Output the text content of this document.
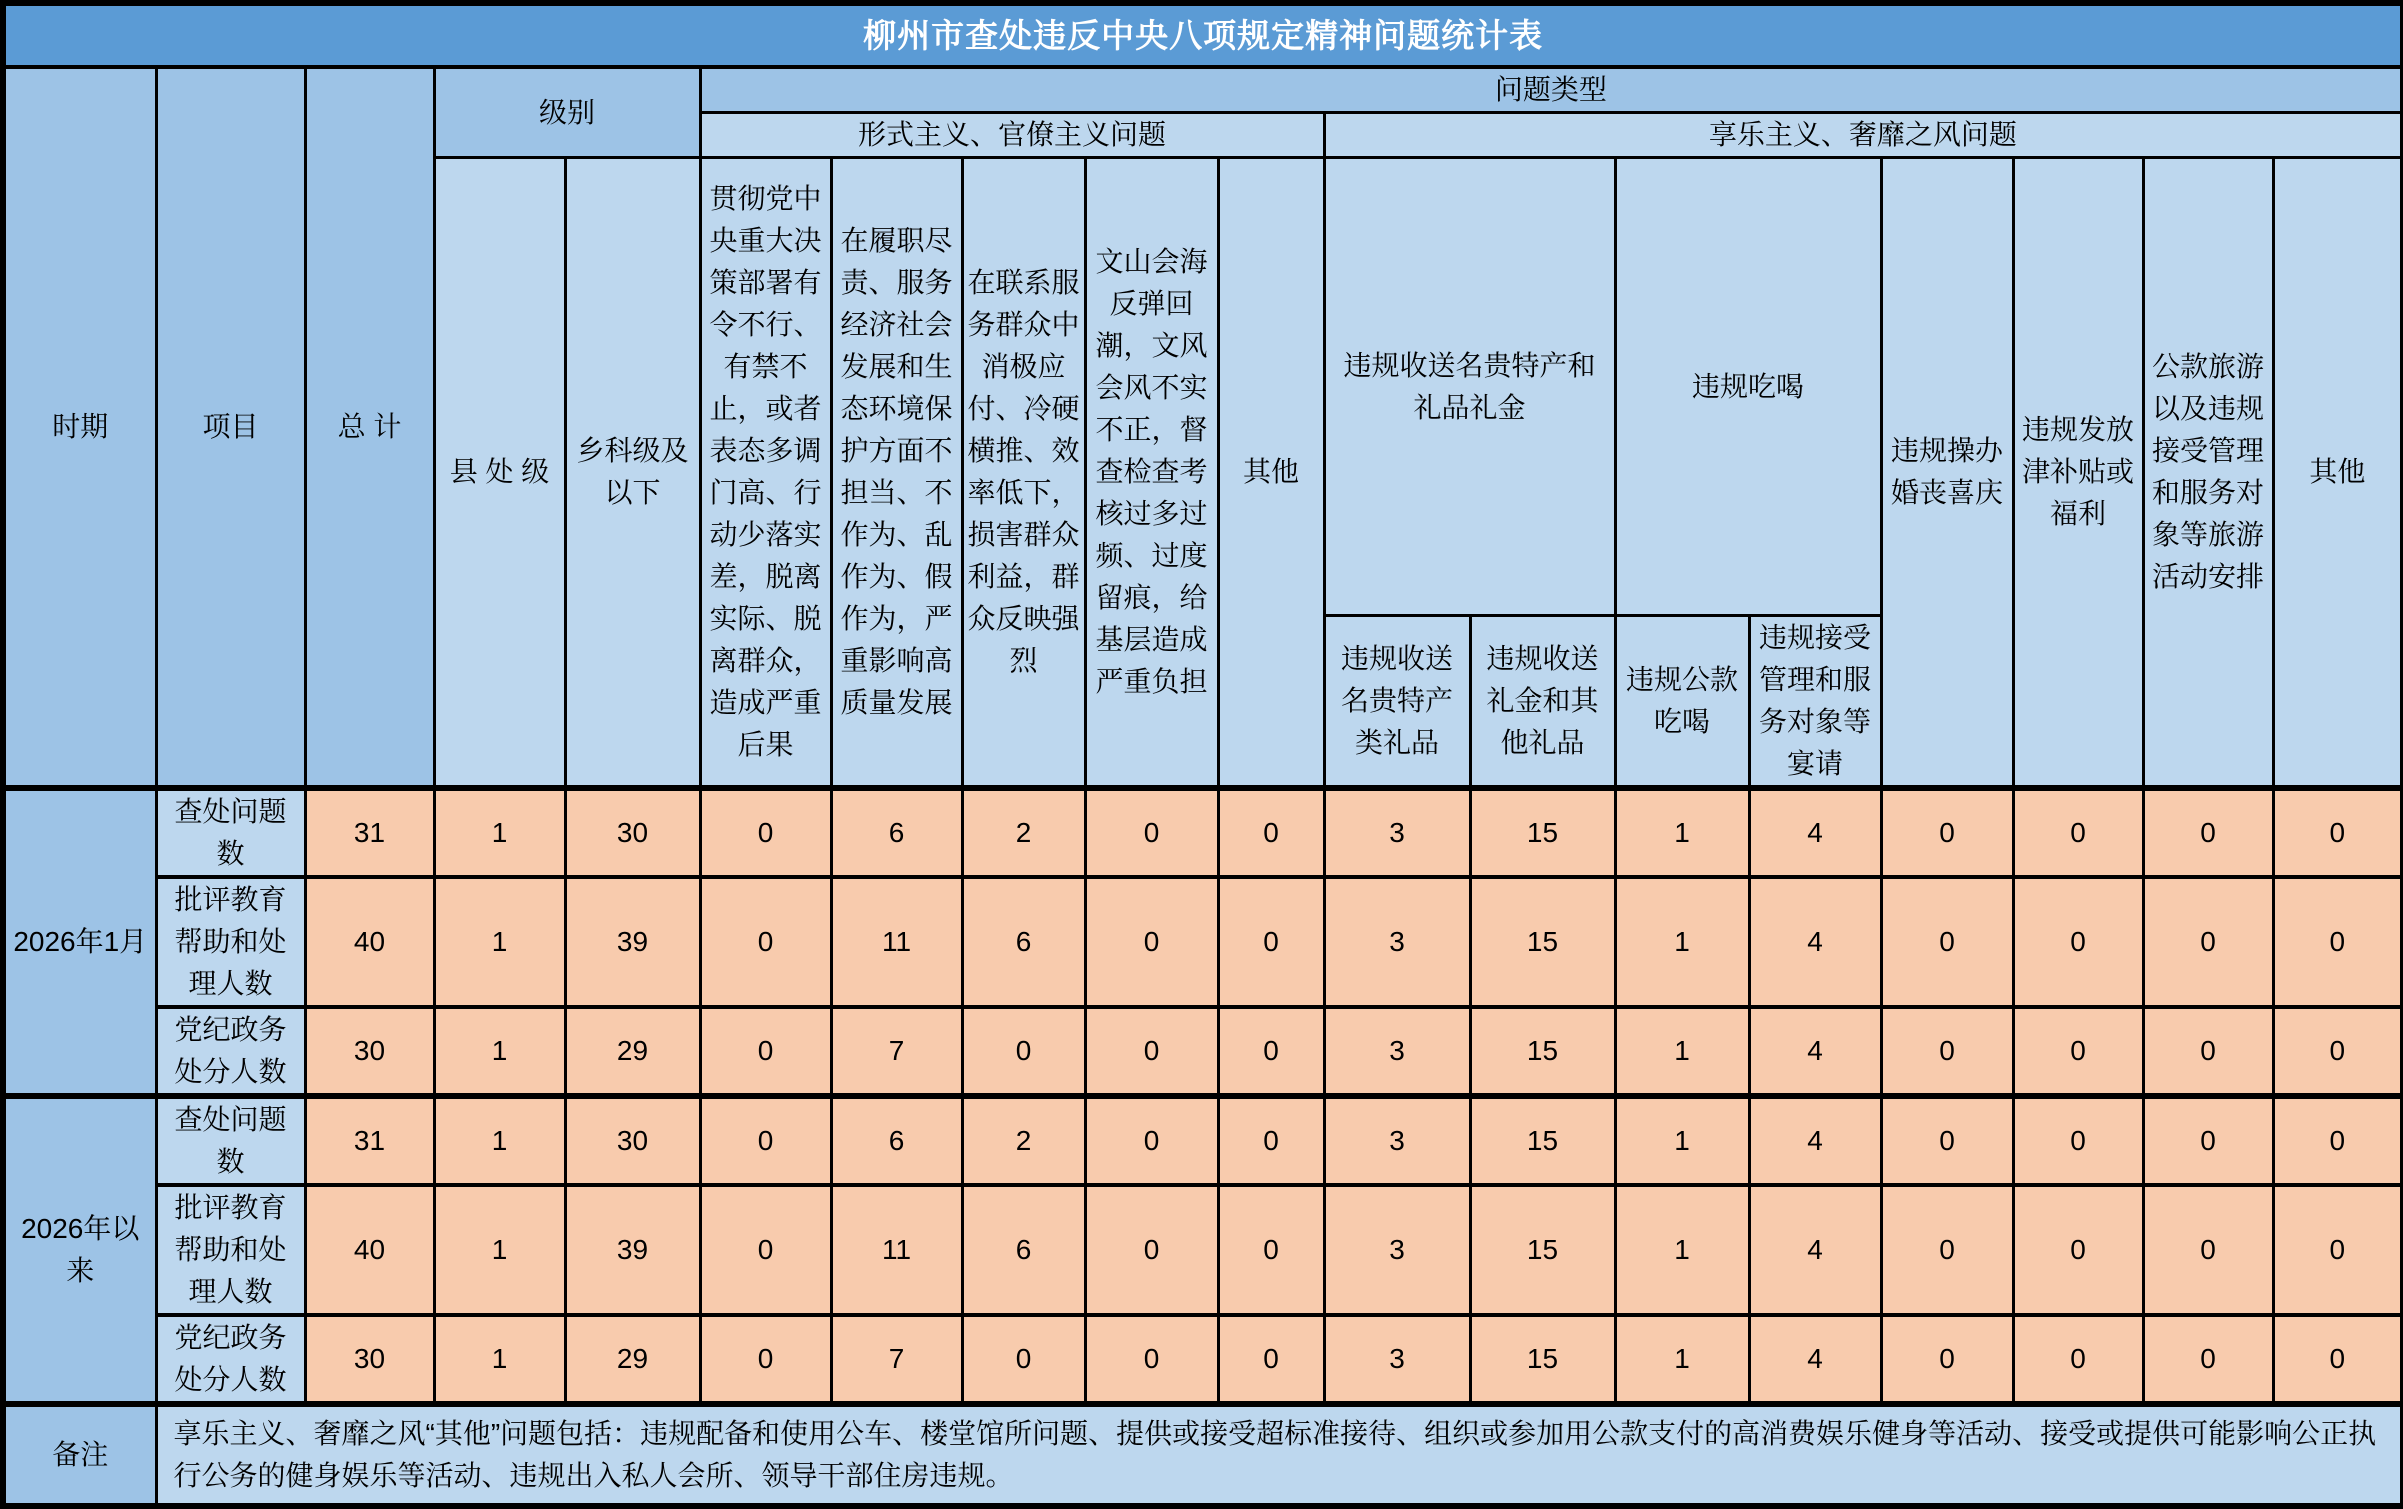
柳州市查处违反中央八项规定精神问题统计表																	
时期	项目	总 计	级别		问题类型												
					形式主义、官僚主义问题					享乐主义、奢靡之风问题							
			县 处 级	乡科级及以下	贯彻党中央重大决策部署有令不行、有禁不止，或者表态多调门高、行动少落实差，脱离实际、脱离群众，造成严重后果	在履职尽责、服务经济社会发展和生态环境保护方面不担当、不作为、乱作为、假作为，严重影响高质量发展	在联系服务群众中消极应付、冷硬横推、效率低下，损害群众利益，群众反映强烈	文山会海反弹回潮，文风会风不实不正，督查检查考核过多过频、过度留痕，给基层造成严重负担	其他	违规收送名贵特产和礼品礼金		违规吃喝		违规操办婚丧喜庆	违规发放津补贴或福利	公款旅游以及违规接受管理和服务对象等旅游活动安排	其他
										违规收送名贵特产类礼品	违规收送礼金和其他礼品	违规公款吃喝	违规接受管理和服务对象等宴请				
2026年1月	查处问题数	31	1	30	0	6	2	0	0	3	15	1	4	0	0	0	0
	批评教育帮助和处理人数	40	1	39	0	11	6	0	0	3	15	1	4	0	0	0	0
	党纪政务处分人数	30	1	29	0	7	0	0	0	3	15	1	4	0	0	0	0
2026年以来	查处问题数	31	1	30	0	6	2	0	0	3	15	1	4	0	0	0	0
	批评教育帮助和处理人数	40	1	39	0	11	6	0	0	3	15	1	4	0	0	0	0
	党纪政务处分人数	30	1	29	0	7	0	0	0	3	15	1	4	0	0	0	0
备注	享乐主义、奢靡之风“其他”问题包括：违规配备和使用公车、楼堂馆所问题、提供或接受超标准接待、组织或参加用公款支付的高消费娱乐健身等活动、接受或提供可能影响公正执行公务的健身娱乐等活动、违规出入私人会所、领导干部住房违规。																
